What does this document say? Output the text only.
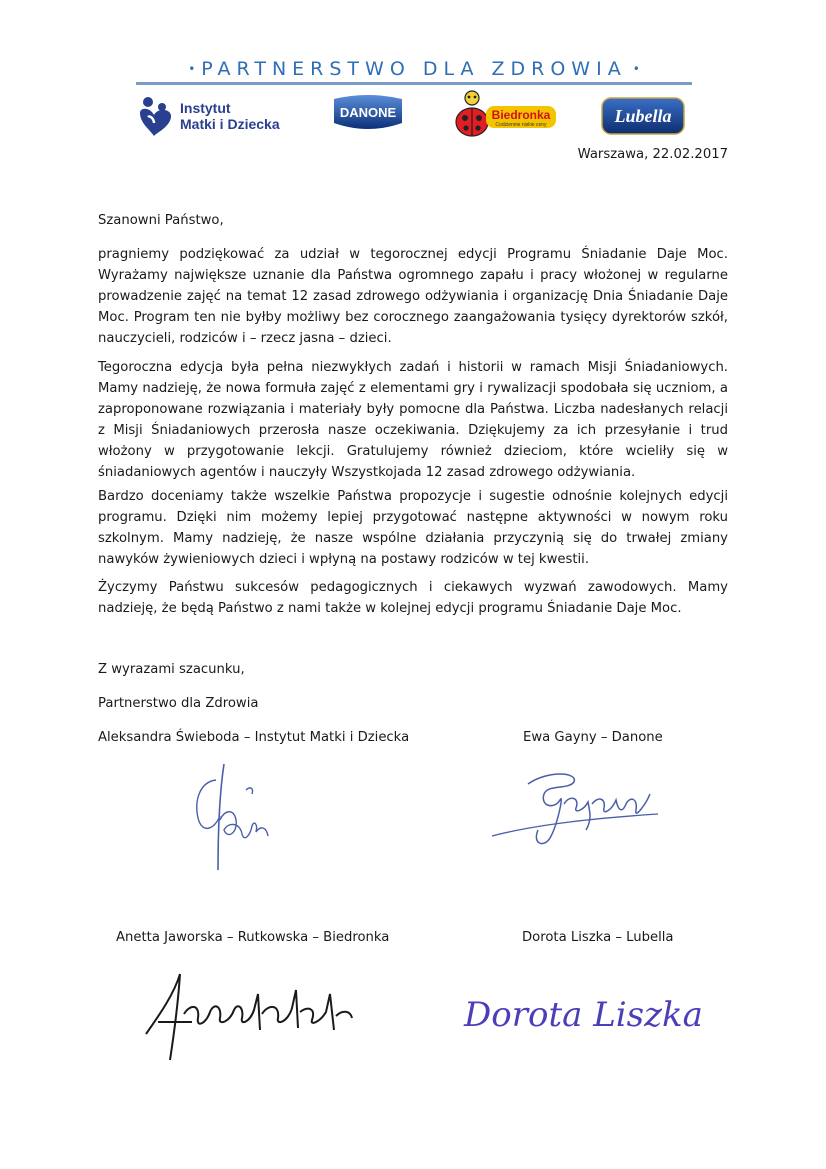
• PARTNERSTWO DLA ZDROWIA •
Instytut
Matki i Dziecka
DANONE	Biedronka
Codziennie niskie ceny	Lubella
Warszawa, 22.02.2017
Szanowni Państwo,
pragniemy podziękować za udział w tegorocznej edycji Programu Śniadanie Daje Moc. Wyrażamy największe uznanie dla Państwa ogromnego zapału i pracy włożonej w regularne prowadzenie zajęć na temat 12 zasad zdrowego odżywiania i organizację Dnia Śniadanie Daje Moc. Program ten nie byłby możliwy bez corocznego zaangażowania tysięcy dyrektorów szkół, nauczycieli, rodziców i – rzecz jasna – dzieci.
Tegoroczna edycja była pełna niezwykłych zadań i historii w ramach Misji Śniadaniowych. Mamy nadzieję, że nowa formuła zajęć z elementami gry i rywalizacji spodobała się uczniom, a zaproponowane rozwiązania i materiały były pomocne dla Państwa. Liczba nadesłanych relacji z Misji Śniadaniowych przerosła nasze oczekiwania. Dziękujemy za ich przesyłanie i trud włożony w przygotowanie lekcji. Gratulujemy również dzieciom, które wcieliły się w śniadaniowych agentów i nauczyły Wszystkojada 12 zasad zdrowego odżywiania.
Bardzo doceniamy także wszelkie Państwa propozycje i sugestie odnośnie kolejnych edycji programu. Dzięki nim możemy lepiej przygotować następne aktywności w nowym roku szkolnym. Mamy nadzieję, że nasze wspólne działania przyczynią się do trwałej zmiany nawyków żywieniowych dzieci i wpłyną na postawy rodziców w tej kwestii.
Życzymy Państwu sukcesów pedagogicznych i ciekawych wyzwań zawodowych. Mamy nadzieję, że będą Państwo z nami także w kolejnej edycji programu Śniadanie Daje Moc.
Z wyrazami szacunku,
Partnerstwo dla Zdrowia
Aleksandra Świeboda – Instytut Matki i Dziecka	Ewa Gayny – Danone
Anetta Jaworska – Rutkowska – Biedronka	Dorota Liszka – Lubella
Dorota Liszka
